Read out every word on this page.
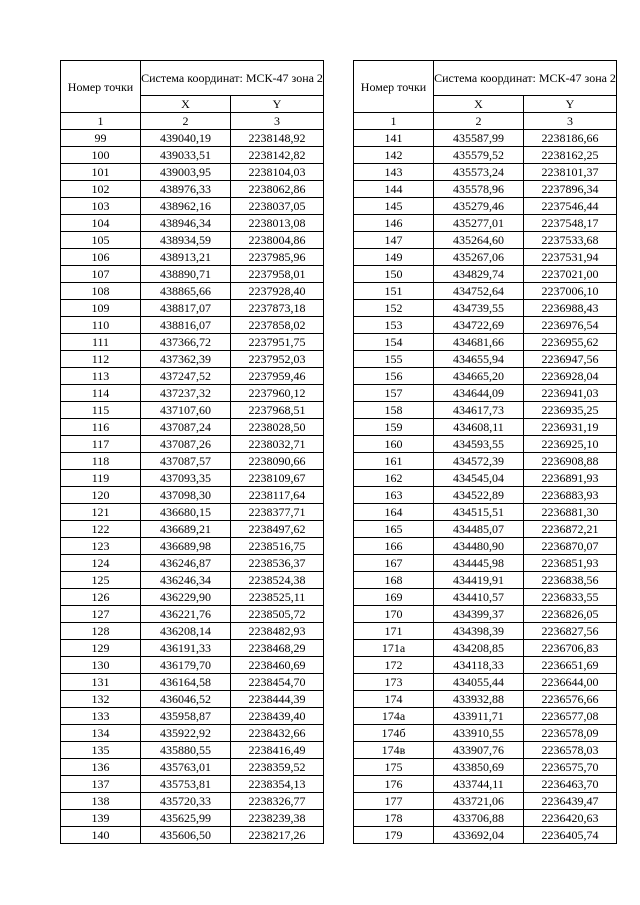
Номер точки	Система координат: МСК-47 зона 2	
	X	Y
1	2	3
99	439040,19	2238148,92
100	439033,51	2238142,82
101	439003,95	2238104,03
102	438976,33	2238062,86
103	438962,16	2238037,05
104	438946,34	2238013,08
105	438934,59	2238004,86
106	438913,21	2237985,96
107	438890,71	2237958,01
108	438865,66	2237928,40
109	438817,07	2237873,18
110	438816,07	2237858,02
111	437366,72	2237951,75
112	437362,39	2237952,03
113	437247,52	2237959,46
114	437237,32	2237960,12
115	437107,60	2237968,51
116	437087,24	2238028,50
117	437087,26	2238032,71
118	437087,57	2238090,66
119	437093,35	2238109,67
120	437098,30	2238117,64
121	436680,15	2238377,71
122	436689,21	2238497,62
123	436689,98	2238516,75
124	436246,87	2238536,37
125	436246,34	2238524,38
126	436229,90	2238525,11
127	436221,76	2238505,72
128	436208,14	2238482,93
129	436191,33	2238468,29
130	436179,70	2238460,69
131	436164,58	2238454,70
132	436046,52	2238444,39
133	435958,87	2238439,40
134	435922,92	2238432,66
135	435880,55	2238416,49
136	435763,01	2238359,52
137	435753,81	2238354,13
138	435720,33	2238326,77
139	435625,99	2238239,38
140	435606,50	2238217,26
Номер точки	Система координат: МСК-47 зона 2	
	X	Y
1	2	3
141	435587,99	2238186,66
142	435579,52	2238162,25
143	435573,24	2238101,37
144	435578,96	2237896,34
145	435279,46	2237546,44
146	435277,01	2237548,17
147	435264,60	2237533,68
149	435267,06	2237531,94
150	434829,74	2237021,00
151	434752,64	2237006,10
152	434739,55	2236988,43
153	434722,69	2236976,54
154	434681,66	2236955,62
155	434655,94	2236947,56
156	434665,20	2236928,04
157	434644,09	2236941,03
158	434617,73	2236935,25
159	434608,11	2236931,19
160	434593,55	2236925,10
161	434572,39	2236908,88
162	434545,04	2236891,93
163	434522,89	2236883,93
164	434515,51	2236881,30
165	434485,07	2236872,21
166	434480,90	2236870,07
167	434445,98	2236851,93
168	434419,91	2236838,56
169	434410,57	2236833,55
170	434399,37	2236826,05
171	434398,39	2236827,56
171а	434208,85	2236706,83
172	434118,33	2236651,69
173	434055,44	2236644,00
174	433932,88	2236576,66
174а	433911,71	2236577,08
174б	433910,55	2236578,09
174в	433907,76	2236578,03
175	433850,69	2236575,70
176	433744,11	2236463,70
177	433721,06	2236439,47
178	433706,88	2236420,63
179	433692,04	2236405,74
